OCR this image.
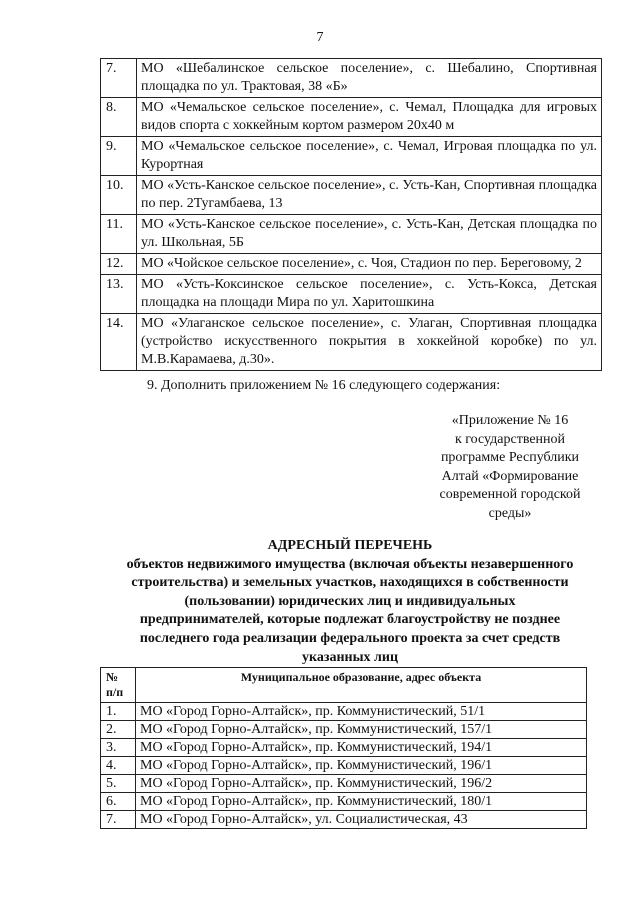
7
7.	МО «Шебалинское сельское поселение», с. Шебалино, Спортивная площадка по ул. Трактовая, 38 «Б»
8.	МО «Чемальское сельское поселение», с. Чемал, Площадка для игровых видов спорта с хоккейным кортом размером 20х40 м
9.	МО «Чемальское сельское поселение», с. Чемал, Игровая площадка по ул. Курортная
10.	МО «Усть-Канское сельское поселение», с. Усть-Кан, Спортивная площадка по пер. 2Тугамбаева, 13
11.	МО «Усть-Канское сельское поселение», с. Усть-Кан, Детская площадка по ул. Школьная, 5Б
12.	МО «Чойское сельское поселение», с. Чоя, Стадион по пер. Береговому, 2
13.	МО «Усть-Коксинское сельское поселение», с. Усть-Кокса, Детская площадка на площади Мира по ул. Харитошкина
14.	МО «Улаганское сельское поселение», с. Улаган, Спортивная площадка (устройство искусственного покрытия в хоккейной коробке) по ул. М.В.Карамаева, д.30».
9. Дополнить приложением № 16 следующего содержания:
«Приложение № 16
к государственной
программе Республики
Алтай «Формирование
современной городской
среды»
АДРЕСНЫЙ ПЕРЕЧЕНЬ
объектов недвижимого имущества (включая объекты незавершенного
строительства) и земельных участков, находящихся в собственности
(пользовании) юридических лиц и индивидуальных
предпринимателей, которые подлежат благоустройству не позднее
последнего года реализации федерального проекта за счет средств
указанных лиц
№
п/п	Муниципальное образование, адрес объекта
1.	МО «Город Горно-Алтайск», пр. Коммунистический, 51/1
2.	МО «Город Горно-Алтайск», пр. Коммунистический, 157/1
3.	МО «Город Горно-Алтайск», пр. Коммунистический, 194/1
4.	МО «Город Горно-Алтайск», пр. Коммунистический, 196/1
5.	МО «Город Горно-Алтайск», пр. Коммунистический, 196/2
6.	МО «Город Горно-Алтайск», пр. Коммунистический, 180/1
7.	МО «Город Горно-Алтайск», ул. Социалистическая, 43
